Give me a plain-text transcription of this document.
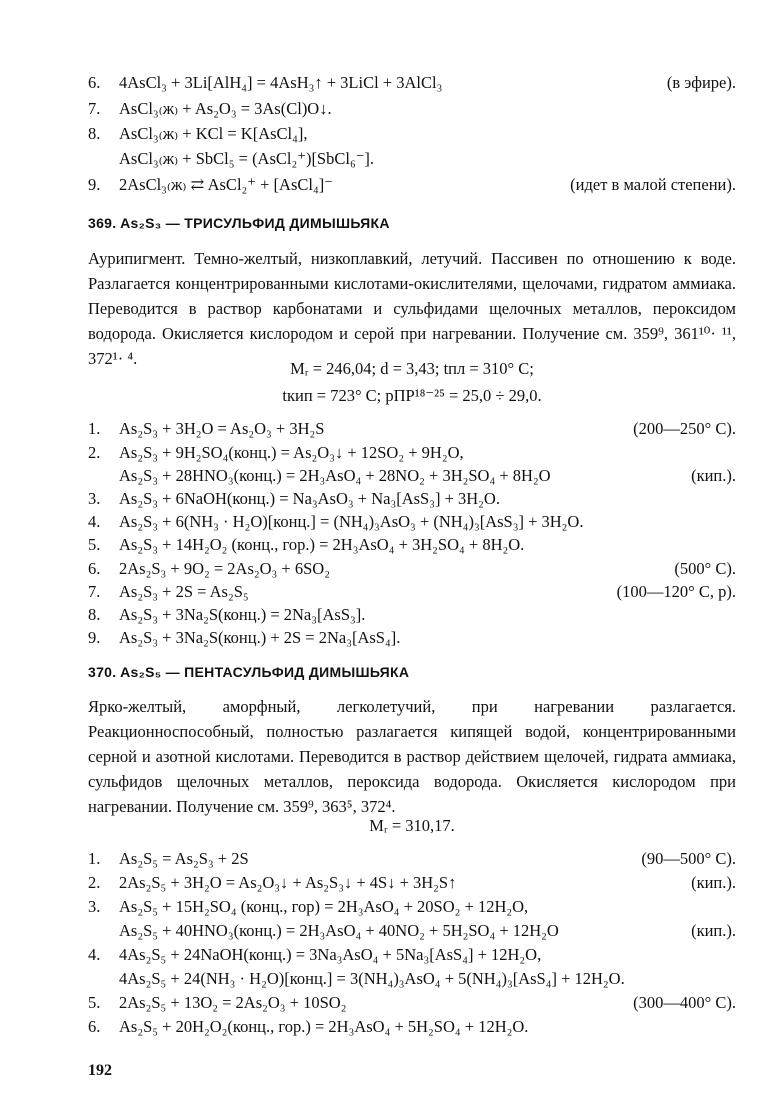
6.	4AsCl₃ + 3Li[AlH₄] = 4AsH₃↑ + 3LiCl + 3AlCl₃	(в эфире).
7.	AsCl₃₍ж₎ + As₂O₃ = 3As(Cl)O↓.
8.	AsCl₃₍ж₎ + KCl = K[AsCl₄],
AsCl₃₍ж₎ + SbCl₅ = (AsCl₂⁺)[SbCl₆⁻].
9.	2AsCl₃₍ж₎ ⇄ AsCl₂⁺ + [AsCl₄]⁻	(идет в малой степени).
369. As₂S₃ — ТРИСУЛЬФИД ДИМЫШЬЯКА
Аурипигмент. Темно-желтый, низкоплавкий, летучий. Пассивен по отношению к воде. Разлагается концентрированными кислотами-окислителями, щелочами, гидратом аммиака. Переводится в раствор карбонатами и сульфидами щелочных металлов, пероксидом водорода. Окисляется кислородом и серой при нагревании. Получение см. 359⁹, 361¹⁰· ¹¹, 372¹· ⁴.
Mᵣ = 246,04; d = 3,43; tпл = 310° C;
tкип = 723° C; рПР¹⁸⁻²⁵ = 25,0 ÷ 29,0.
1.	As₂S₃ + 3H₂O = As₂O₃ + 3H₂S	(200—250° C).
2.	As₂S₃ + 9H₂SO₄(конц.) = As₂O₃↓ + 12SO₂ + 9H₂O,
As₂S₃ + 28HNO₃(конц.) = 2H₃AsO₄ + 28NO₂ + 3H₂SO₄ + 8H₂O	(кип.).
3.	As₂S₃ + 6NaOH(конц.) = Na₃AsO₃ + Na₃[AsS₃] + 3H₂O.
4.	As₂S₃ + 6(NH₃ · H₂O)[конц.] = (NH₄)₃AsO₃ + (NH₄)₃[AsS₃] + 3H₂O.
5.	As₂S₃ + 14H₂O₂ (конц., гор.) = 2H₃AsO₄ + 3H₂SO₄ + 8H₂O.
6.	2As₂S₃ + 9O₂ = 2As₂O₃ + 6SO₂	(500° C).
7.	As₂S₃ + 2S = As₂S₅	(100—120° C, p).
8.	As₂S₃ + 3Na₂S(конц.) = 2Na₃[AsS₃].
9.	As₂S₃ + 3Na₂S(конц.) + 2S = 2Na₃[AsS₄].
370. As₂S₅ — ПЕНТАСУЛЬФИД ДИМЫШЬЯКА
Ярко-желтый, аморфный, легколетучий, при нагревании разлагается. Реакционноспособный, полностью разлагается кипящей водой, концентрированными серной и азотной кислотами. Переводится в раствор действием щелочей, гидрата аммиака, сульфидов щелочных металлов, пероксида водорода. Окисляется кислородом при нагревании. Получение см. 359⁹, 363⁵, 372⁴.
Mᵣ = 310,17.
1.	As₂S₅ = As₂S₃ + 2S	(90—500° C).
2.	2As₂S₅ + 3H₂O = As₂O₃↓ + As₂S₃↓ + 4S↓ + 3H₂S↑	(кип.).
3.	As₂S₅ + 15H₂SO₄ (конц., гор) = 2H₃AsO₄ + 20SO₂ + 12H₂O,
As₂S₅ + 40HNO₃(конц.) = 2H₃AsO₄ + 40NO₂ + 5H₂SO₄ + 12H₂O	(кип.).
4.	4As₂S₅ + 24NaOH(конц.) = 3Na₃AsO₄ + 5Na₃[AsS₄] + 12H₂O,
4As₂S₅ + 24(NH₃ · H₂O)[конц.] = 3(NH₄)₃AsO₄ + 5(NH₄)₃[AsS₄] + 12H₂O.
5.	2As₂S₅ + 13O₂ = 2As₂O₃ + 10SO₂	(300—400° C).
6.	As₂S₅ + 20H₂O₂(конц., гор.) = 2H₃AsO₄ + 5H₂SO₄ + 12H₂O.
192
